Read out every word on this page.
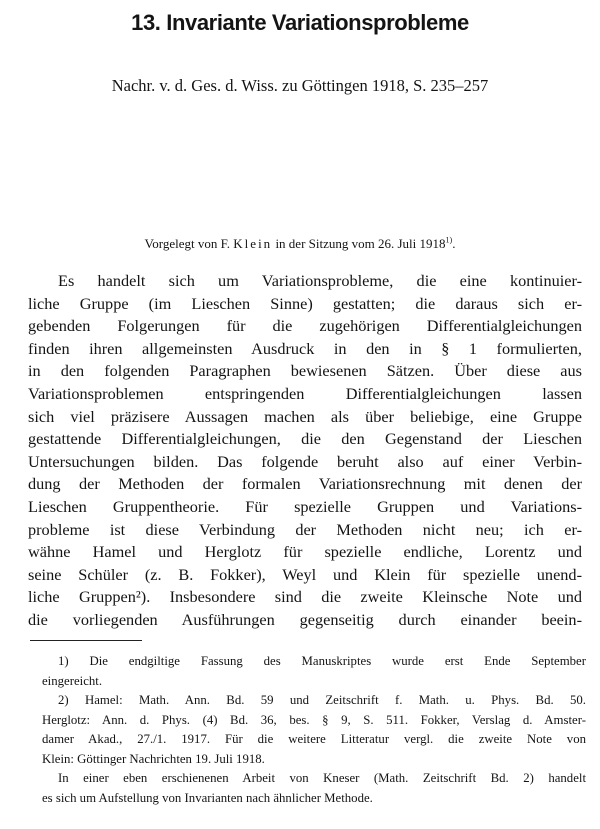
13. Invariante Variationsprobleme
Nachr. v. d. Ges. d. Wiss. zu Göttingen 1918, S. 235–257
Vorgelegt von F. Klein in der Sitzung vom 26. Juli 1918$^{1)}$.
Es handelt sich um Variationsprobleme, die eine kontinuier-
liche Gruppe (im Lieschen Sinne) gestatten; die daraus sich er-
gebenden Folgerungen für die zugehörigen Differentialgleichungen
finden ihren allgemeinsten Ausdruck in den in § 1 formulierten,
in den folgenden Paragraphen bewiesenen Sätzen. Über diese aus
Variationsproblemen entspringenden Differentialgleichungen lassen
sich viel präzisere Aussagen machen als über beliebige, eine Gruppe
gestattende Differentialgleichungen, die den Gegenstand der Lieschen
Untersuchungen bilden. Das folgende beruht also auf einer Verbin-
dung der Methoden der formalen Variationsrechnung mit denen der
Lieschen Gruppentheorie. Für spezielle Gruppen und Variations-
probleme ist diese Verbindung der Methoden nicht neu; ich er-
wähne Hamel und Herglotz für spezielle endliche, Lorentz und
seine Schüler (z. B. Fokker), Weyl und Klein für spezielle unend-
liche Gruppen²). Insbesondere sind die zweite Kleinsche Note und
die vorliegenden Ausführungen gegenseitig durch einander beein-
1) Die endgiltige Fassung des Manuskriptes wurde erst Ende September
eingereicht.
2) Hamel: Math. Ann. Bd. 59 und Zeitschrift f. Math. u. Phys. Bd. 50.
Herglotz: Ann. d. Phys. (4) Bd. 36, bes. § 9, S. 511. Fokker, Verslag d. Amster-
damer Akad., 27./1. 1917. Für die weitere Litteratur vergl. die zweite Note von
Klein: Göttinger Nachrichten 19. Juli 1918.
In einer eben erschienenen Arbeit von Kneser (Math. Zeitschrift Bd. 2) handelt
es sich um Aufstellung von Invarianten nach ähnlicher Methode.
